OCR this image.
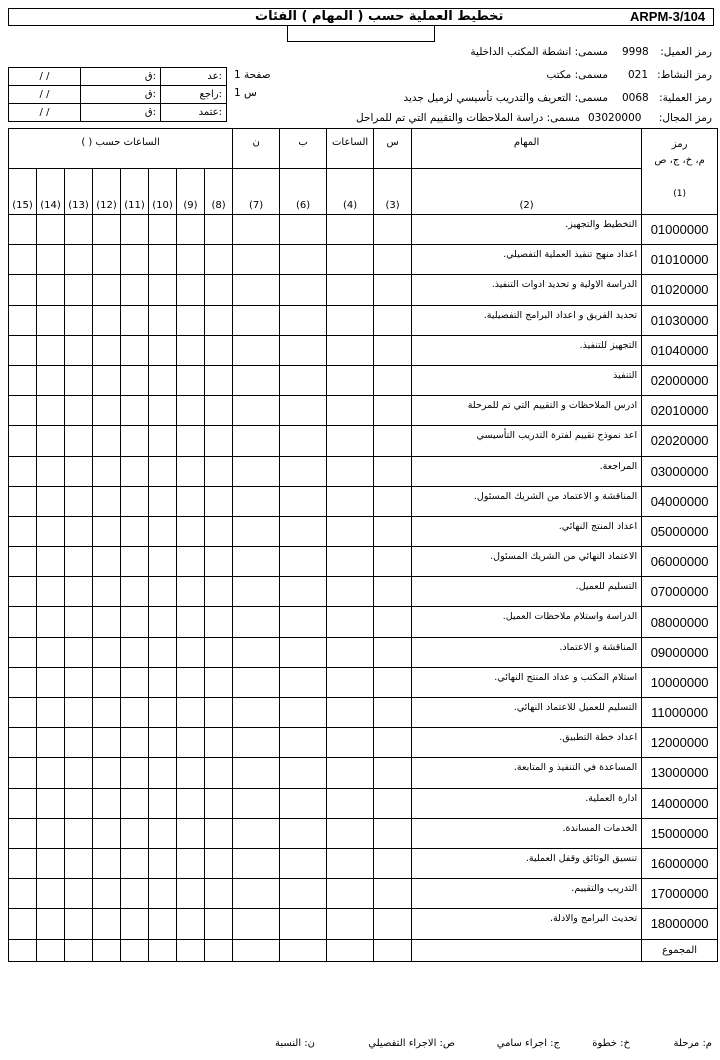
ARPM-3/104
تخطيط العملية حسب ( المهام ) الفئات
9998 رمز العميل:
مسمى: انشطة المكتب الداخلية
021 رمز النشاط:
مسمى: مكتب
0068 رمز العملية:
مسمى: التعريف والتدريب تأسيسي لزميل جديد
03020000 رمز المجال:
مسمى: دراسة الملاحظات والتقييم التي تم للمراحل
صفحة 1
س 1
/ /	ق:	عد:
/ /	ق:	راجع:
/ /	ق:	عتمد:
الساعات حسب ( )								ن	ب	الساعات	س	المهام	رمز
م، خ، ج، ص
(1)

(15)	(14)	(13)	(12)	(11)	(10)	(9)	(8)	(7)	(6)	(4)	(3)	(2)	
												التخطيط والتجهيز.	01000000
												اعداد منهج تنفيذ العملية التفصيلي.	01010000
												الدراسة الاولية و تحديد ادوات التنفيذ.	01020000
												تحديد الفريق و اعداد البرامج التفصيلية.	01030000
												التجهيز للتنفيذ.	01040000
												التنفيذ	02000000
												ادرس الملاحظات و التقييم التي تم للمرحلة	02010000
												اعد نموذج تقييم لفترة التدريب التأسيسي	02020000
												المراجعة.	03000000
												المناقشة و الاعتماد من الشريك المسئول.	04000000
												اعداد المنتج النهائي.	05000000
												الاعتماد النهائي من الشريك المسئول.	06000000
												التسليم للعميل.	07000000
												الدراسة واستلام ملاحظات العميل.	08000000
												المناقشة و الاعتماد.	09000000
												استلام المكتب و عداد المنتج النهائي.	10000000
												التسليم للعميل للاعتماد النهائي.	11000000
												اعداد خطة التطبيق.	12000000
												المساعدة في التنفيذ و المتابعة.	13000000
												ادارة العملية.	14000000
												الخدمات المساندة.	15000000
												تنسيق الوثائق وقفل العملية.	16000000
												التدريب والتقييم.	17000000
												تحديث البرامج والادلة.	18000000
													المجموع
م: مرحلة
خ: خطوة
ج: اجراء سامي
ص: الاجراء التفصيلي
ن: النسبة
